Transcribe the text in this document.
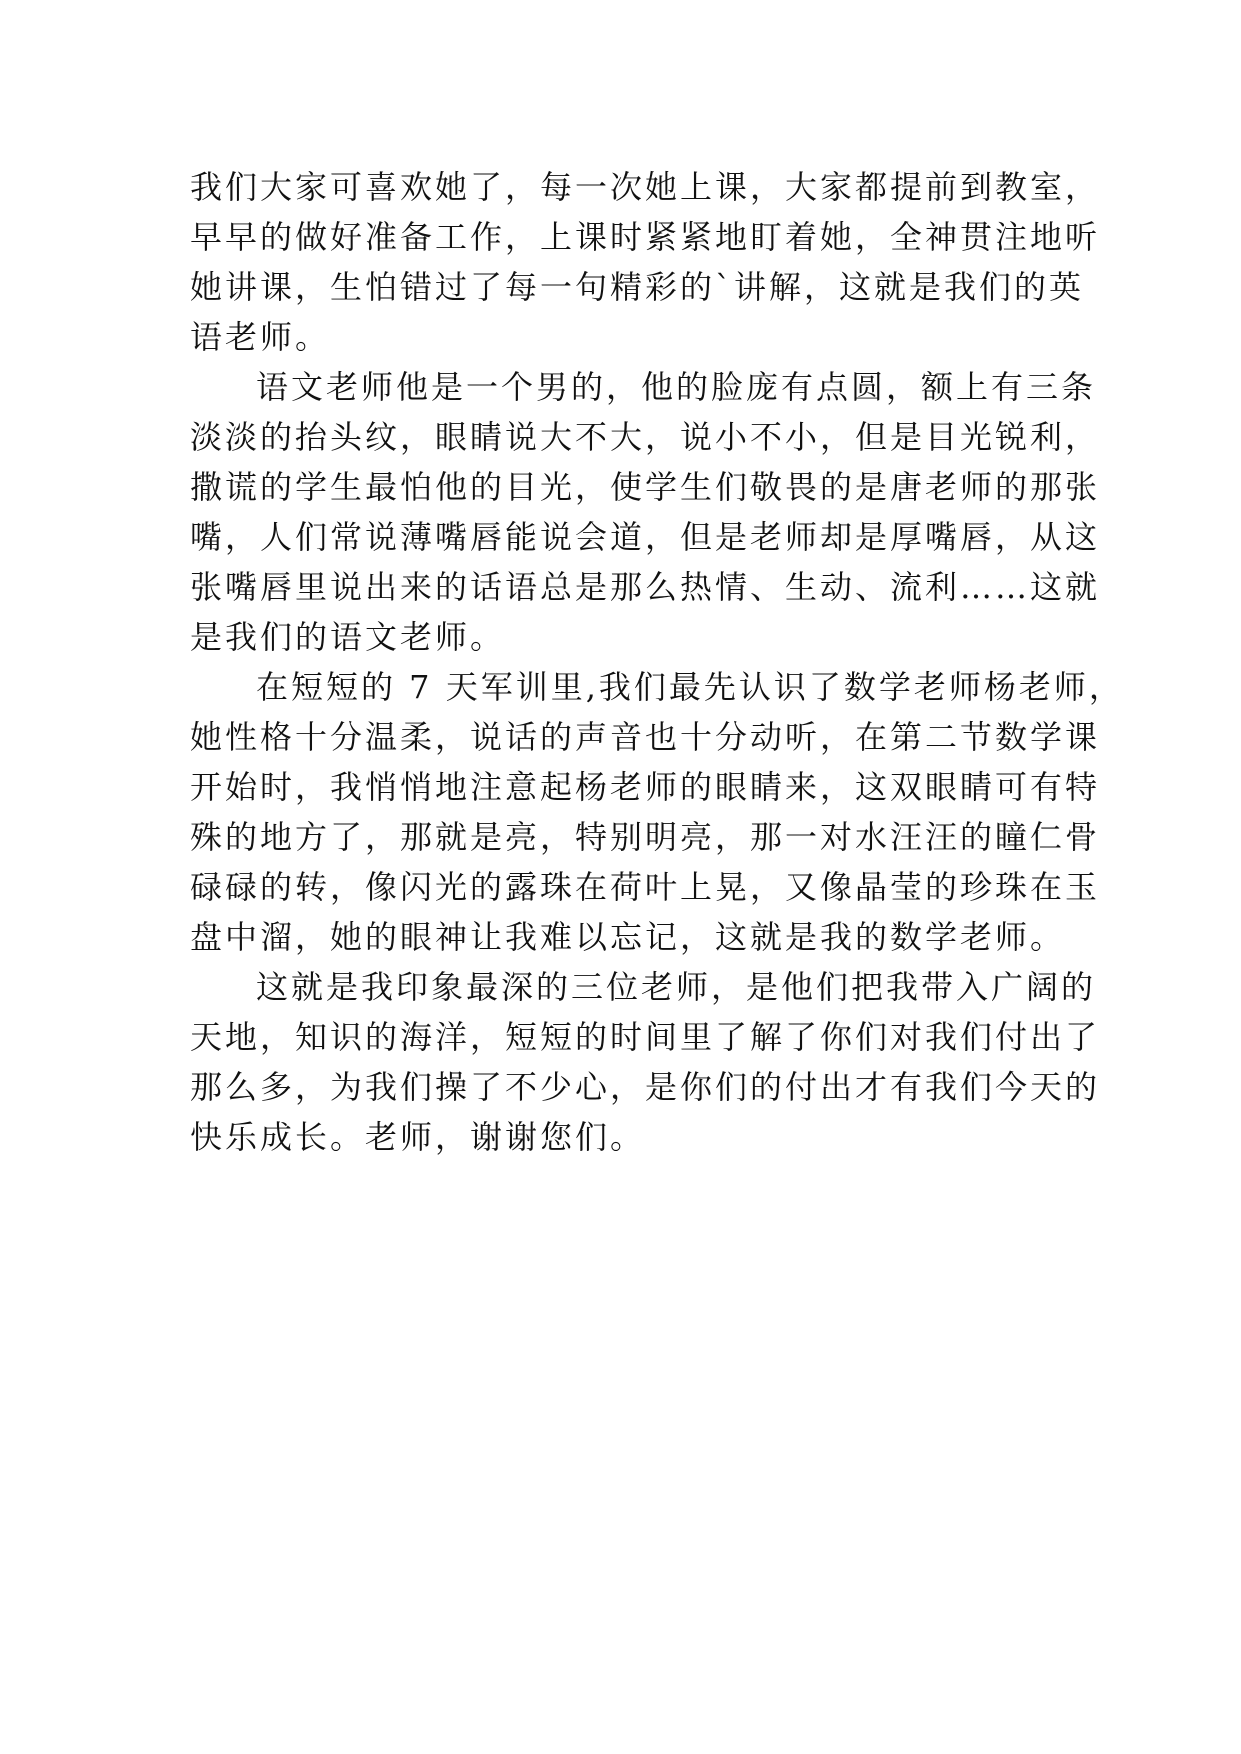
我们大家可喜欢她了，每一次她上课，大家都提前到教室，
早早的做好准备工作，上课时紧紧地盯着她，全神贯注地听
她讲课，生怕错过了每一句精彩的`讲解，这就是我们的英
语老师。
语文老师他是一个男的，他的脸庞有点圆，额上有三条
淡淡的抬头纹，眼睛说大不大，说小不小，但是目光锐利，
撒谎的学生最怕他的目光，使学生们敬畏的是唐老师的那张
嘴，人们常说薄嘴唇能说会道，但是老师却是厚嘴唇，从这
张嘴唇里说出来的话语总是那么热情、生动、流利……这就
是我们的语文老师。
在短短的 7 天军训里,我们最先认识了数学老师杨老师，
她性格十分温柔，说话的声音也十分动听，在第二节数学课
开始时，我悄悄地注意起杨老师的眼睛来，这双眼睛可有特
殊的地方了，那就是亮，特别明亮，那一对水汪汪的瞳仁骨
碌碌的转，像闪光的露珠在荷叶上晃，又像晶莹的珍珠在玉
盘中溜，她的眼神让我难以忘记，这就是我的数学老师。
这就是我印象最深的三位老师，是他们把我带入广阔的
天地，知识的海洋，短短的时间里了解了你们对我们付出了
那么多，为我们操了不少心，是你们的付出才有我们今天的
快乐成长。老师，谢谢您们。
